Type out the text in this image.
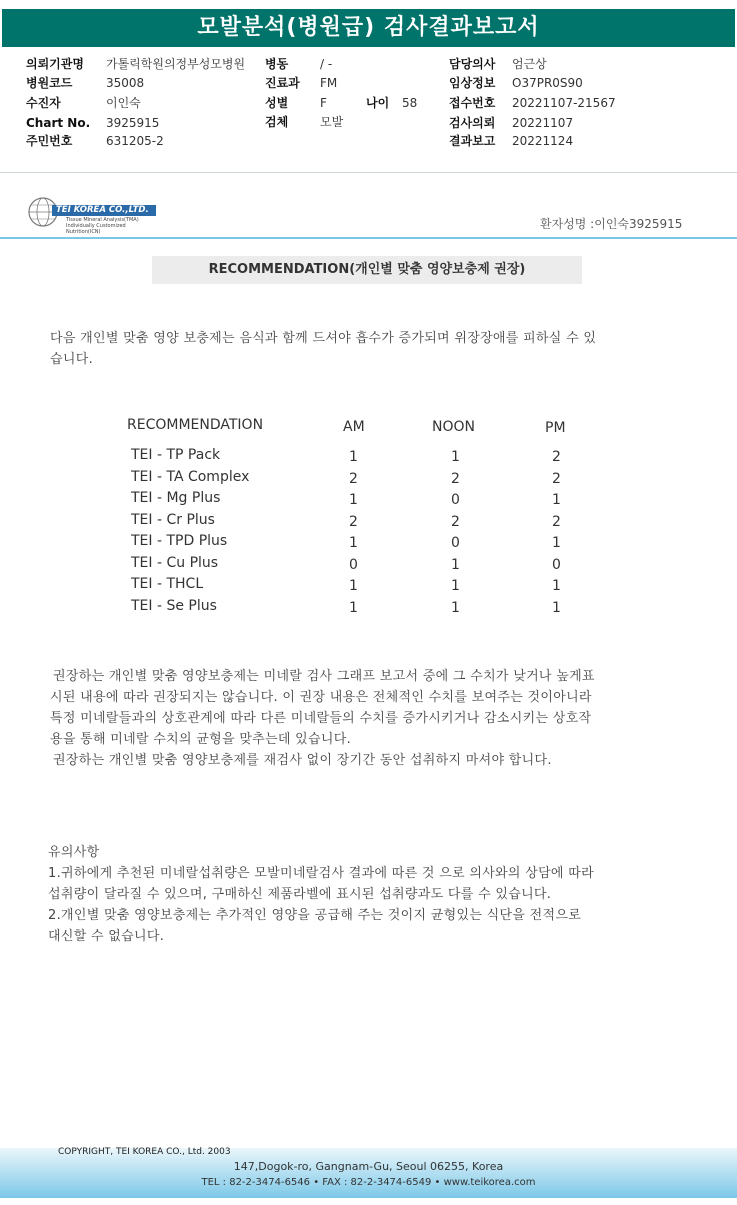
모발분석(병원급) 검사결과보고서
의뢰기관명 가톨릭학원의정부성모병원
병원코드	35008
수진자	이인숙
Chart No. 3925915
주민번호	631205-2
병동	/ -
진료과 FM
성별	F	나이 58
검체	모발
담당의사 엄근상
임상정보 O37PR0S90
접수번호 20221107-21567
검사의뢰 20221107
결과보고 20221124
TEI KOREA CO.,LTD.
Tissue Mineral Analysis(TMA)
Individually Customized Nutrition(ICN)
환자성명 :이인숙3925915
RECOMMENDATION(개인별 맞춤 영양보충제 권장)
다음 개인별 맞춤 영양 보충제는 음식과 함께 드셔야 흡수가 증가되며 위장장애를 피하실 수 있
습니다.
RECOMMENDATION	AM	NOON	PM
TEI - TP Pack	1	1	2
TEI - TA Complex	2	2	2
TEI - Mg Plus	1	0	1
TEI - Cr Plus	2	2	2
TEI - TPD Plus	1	0	1
TEI - Cu Plus	0	1	0
TEI - THCL	1	1	1
TEI - Se Plus	1	1	1
권장하는 개인별 맞춤 영양보충제는 미네랄 검사 그래프 보고서 중에 그 수치가 낮거나 높게표
시된 내용에 따라 권장되지는 않습니다. 이 권장 내용은 전체적인 수치를 보여주는 것이아니라
특정 미네랄들과의 상호관계에 따라 다른 미네랄들의 수치를 증가시키거나 감소시키는 상호작
용을 통해 미네랄 수치의 균형을 맞추는데 있습니다.
권장하는 개인별 맞춤 영양보충제를 재검사 없이 장기간 동안 섭취하지 마셔야 합니다.
유의사항
1.귀하에게 추천된 미네랄섭취량은 모발미네랄검사 결과에 따른 것 으로 의사와의 상담에 따라
섭취량이 달라질 수 있으며, 구매하신 제품라벨에 표시된 섭취량과도 다를 수 있습니다.
2.개인별 맞춤 영양보충제는 추가적인 영양을 공급해 주는 것이지 균형있는 식단을 전적으로
대신할 수 없습니다.
COPYRIGHT, TEI KOREA CO., Ltd. 2003
147,Dogok-ro, Gangnam-Gu, Seoul 06255, Korea
TEL : 82-2-3474-6546 • FAX : 82-2-3474-6549 • www.teikorea.com
